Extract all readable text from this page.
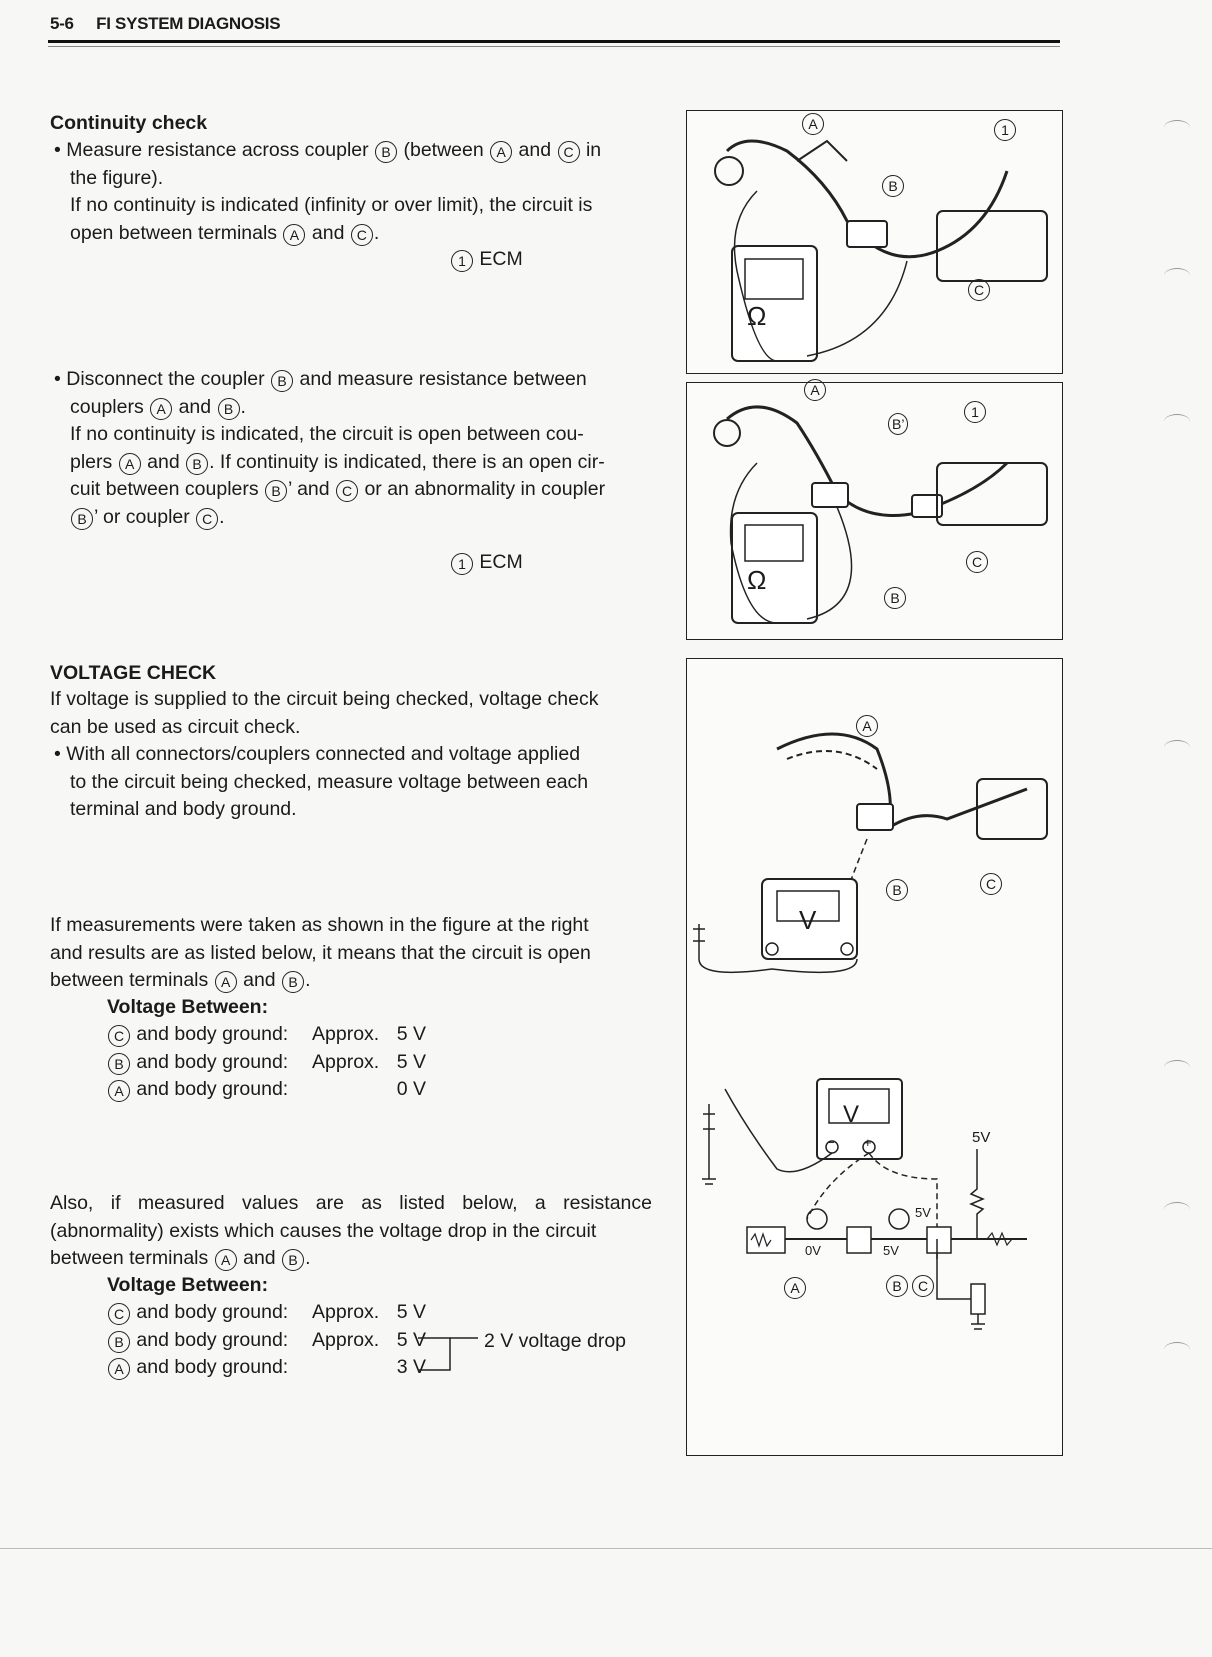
5-6 FI SYSTEM DIAGNOSIS
Continuity check
• Measure resistance across coupler B (between A and C in
the figure).
If no continuity is indicated (infinity or over limit), the circuit is
open between terminals A and C .
1 ECM
• Disconnect the coupler B and measure resistance between
couplers A and B .
If no continuity is indicated, the circuit is open between cou-
plers A and B . If continuity is indicated, there is an open cir-
cuit between couplers B ’ and C or an abnormality in coupler
B ’ or coupler C .
1 ECM
VOLTAGE CHECK
If voltage is supplied to the circuit being checked, voltage check
can be used as circuit check.
• With all connectors/couplers connected and voltage applied
to the circuit being checked, measure voltage between each
terminal and body ground.
If measurements were taken as shown in the figure at the right
and results are as listed below, it means that the circuit is open
between terminals A and B .
Voltage Between:
C and body ground:	Approx. 5 V
B and body ground:	Approx. 5 V
A and body ground:	0 V
Also, if measured values are as listed below, a resistance
(abnormality) exists which causes the voltage drop in the circuit
between terminals A and B .
Voltage Between:
C and body ground:	Approx. 5 V
B and body ground:	Approx. 5 V
A and body ground:	3 V
2 V voltage drop
Ω
A
B
C
1
Ω
A
B’
1
C
B
V
V
− +	5V
5V
5V
0V
A
B	C
A	B	C
